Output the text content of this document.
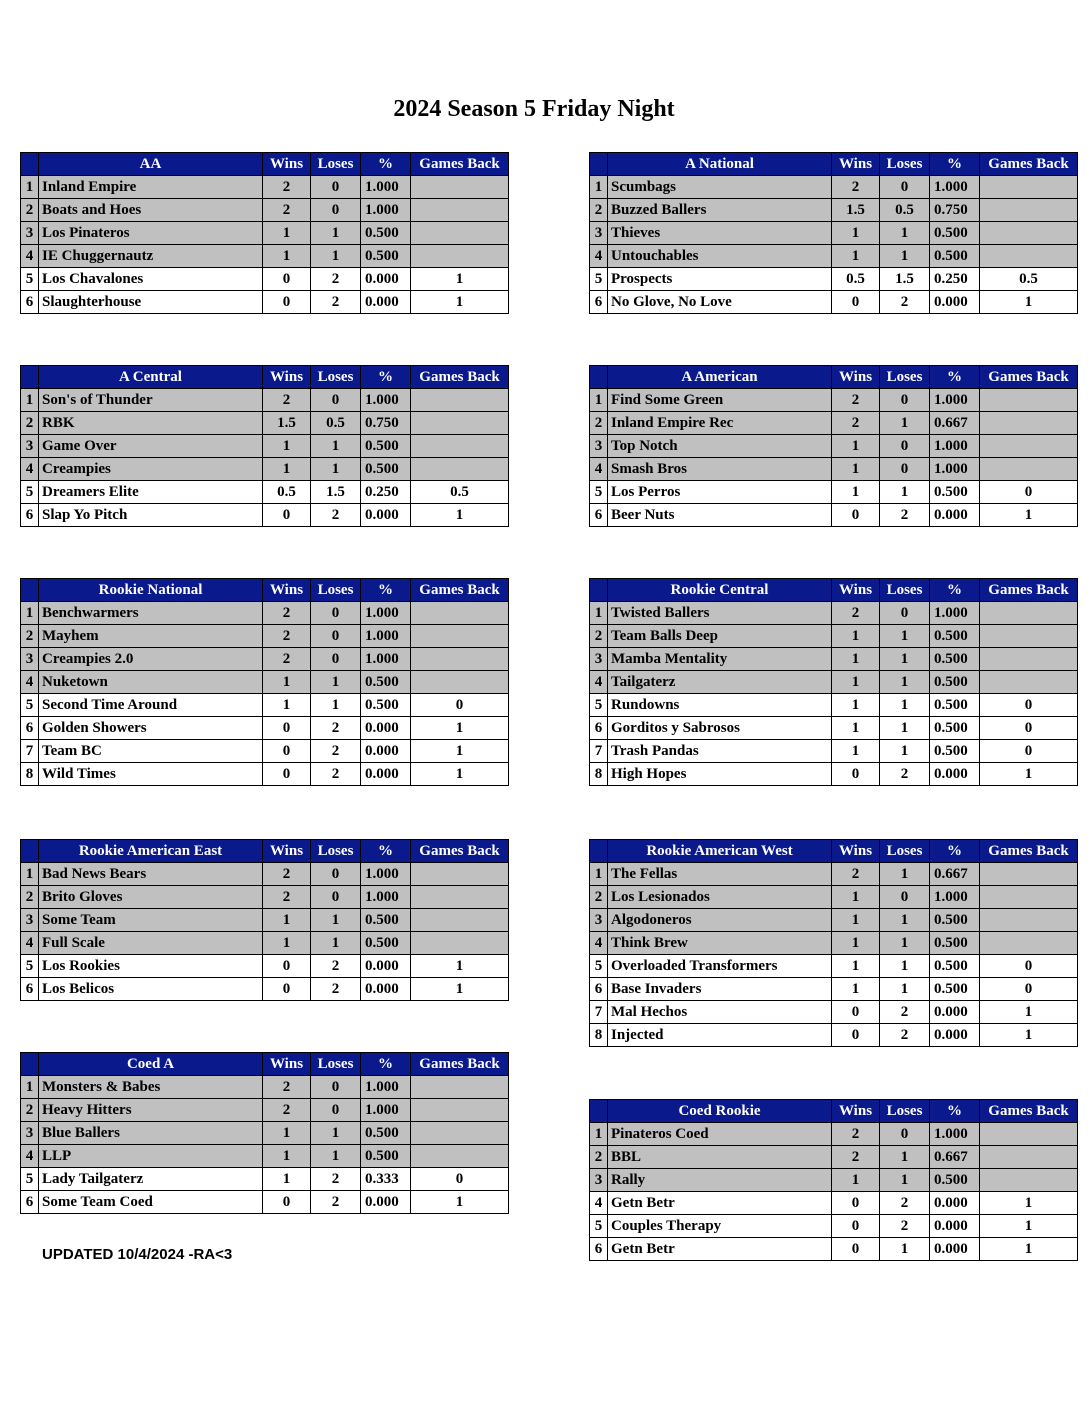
2024 Season 5 Friday Night
	AA	Wins	Loses	%	Games Back
1	Inland Empire	2	0	1.000	
2	Boats and Hoes	2	0	1.000	
3	Los Pinateros	1	1	0.500	
4	IE Chuggernautz	1	1	0.500	
5	Los Chavalones	0	2	0.000	1
6	Slaughterhouse	0	2	0.000	1
	A National	Wins	Loses	%	Games Back
1	Scumbags	2	0	1.000	
2	Buzzed Ballers	1.5	0.5	0.750	
3	Thieves	1	1	0.500	
4	Untouchables	1	1	0.500	
5	Prospects	0.5	1.5	0.250	0.5
6	No Glove, No Love	0	2	0.000	1
	A Central	Wins	Loses	%	Games Back
1	Son's of Thunder	2	0	1.000	
2	RBK	1.5	0.5	0.750	
3	Game Over	1	1	0.500	
4	Creampies	1	1	0.500	
5	Dreamers Elite	0.5	1.5	0.250	0.5
6	Slap Yo Pitch	0	2	0.000	1
	A American	Wins	Loses	%	Games Back
1	Find Some Green	2	0	1.000	
2	Inland Empire Rec	2	1	0.667	
3	Top Notch	1	0	1.000	
4	Smash Bros	1	0	1.000	
5	Los Perros	1	1	0.500	0
6	Beer Nuts	0	2	0.000	1
	Rookie National	Wins	Loses	%	Games Back
1	Benchwarmers	2	0	1.000	
2	Mayhem	2	0	1.000	
3	Creampies 2.0	2	0	1.000	
4	Nuketown	1	1	0.500	
5	Second Time Around	1	1	0.500	0
6	Golden Showers	0	2	0.000	1
7	Team BC	0	2	0.000	1
8	Wild Times	0	2	0.000	1
	Rookie Central	Wins	Loses	%	Games Back
1	Twisted Ballers	2	0	1.000	
2	Team Balls Deep	1	1	0.500	
3	Mamba Mentality	1	1	0.500	
4	Tailgaterz	1	1	0.500	
5	Rundowns	1	1	0.500	0
6	Gorditos y Sabrosos	1	1	0.500	0
7	Trash Pandas	1	1	0.500	0
8	High Hopes	0	2	0.000	1
	Rookie American East	Wins	Loses	%	Games Back
1	Bad News Bears	2	0	1.000	
2	Brito Gloves	2	0	1.000	
3	Some Team	1	1	0.500	
4	Full Scale	1	1	0.500	
5	Los Rookies	0	2	0.000	1
6	Los Belicos	0	2	0.000	1
	Rookie American West	Wins	Loses	%	Games Back
1	The Fellas	2	1	0.667	
2	Los Lesionados	1	0	1.000	
3	Algodoneros	1	1	0.500	
4	Think Brew	1	1	0.500	
5	Overloaded Transformers	1	1	0.500	0
6	Base Invaders	1	1	0.500	0
7	Mal Hechos	0	2	0.000	1
8	Injected	0	2	0.000	1
	Coed A	Wins	Loses	%	Games Back
1	Monsters & Babes	2	0	1.000	
2	Heavy Hitters	2	0	1.000	
3	Blue Ballers	1	1	0.500	
4	LLP	1	1	0.500	
5	Lady Tailgaterz	1	2	0.333	0
6	Some Team Coed	0	2	0.000	1
	Coed Rookie	Wins	Loses	%	Games Back
1	Pinateros Coed	2	0	1.000	
2	BBL	2	1	0.667	
3	Rally	1	1	0.500	
4	Getn Betr	0	2	0.000	1
5	Couples Therapy	0	2	0.000	1
6	Getn Betr	0	1	0.000	1
UPDATED 10/4/2024 -RA<3
